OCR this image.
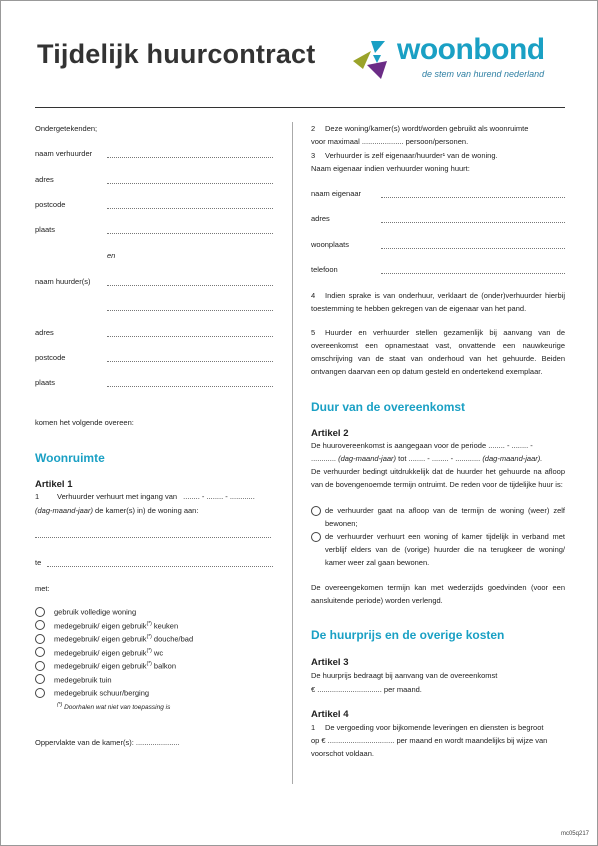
Tijdelijk huurcontract	woonbond
de stem van hurend nederland
Ondergetekenden;
naam verhuurder
adres
postcode
plaats
en
naam huurder(s)
adres
postcode
plaats
komen het volgende overeen:
Woonruimte
Artikel 1
1 Verhuurder verhuurt met ingang van ........ - ........ - ............
(dag-maand-jaar) de kamer(s) in) de woning aan:
te
met:
gebruik volledige woning
medegebruik/ eigen gebruik(*) keuken
medegebruik/ eigen gebruik(*) douche/bad
medegebruik/ eigen gebruik(*) wc
medegebruik/ eigen gebruik(*) balkon
medegebruik tuin
medegebruik schuur/berging
(*) Doorhalen wat niet van toepassing is
Oppervlakte van de kamer(s): .....................
2 Deze woning/kamer(s) wordt/worden gebruikt als woonruimte
voor maximaal .................... persoon/personen.
3 Verhuurder is zelf eigenaar/huurder¹ van de woning.
Naam eigenaar indien verhuurder woning huurt:
naam eigenaar
adres
woonplaats
telefoon
4 Indien sprake is van onderhuur, verklaart de (onder)verhuurder hierbij toestemming te hebben gekregen van de eigenaar van het pand.
5 Huurder en verhuurder stellen gezamenlijk bij aanvang van de overeenkomst een opnamestaat vast, onvattende een nauwkeurige omschrijving van de staat van onderhoud van het gehuurde. Beiden ontvangen daarvan een op datum gesteld en ondertekend exemplaar.
Duur van de overeenkomst
Artikel 2
De huurovereenkomst is aangegaan voor de periode ........ - ........ -
............ (dag-maand-jaar) tot ........ - ........ - ............ (dag-maand-jaar).
De verhuurder bedingt uitdrukkelijk dat de huurder het gehuurde na afloop van de bovengenoemde termijn ontruimt. De reden voor de tijdelijke huur is:
de verhuurder gaat na afloop van de termijn de woning (weer) zelf bewonen;
de verhuurder verhuurt een woning of kamer tijdelijk in verband met verblijf elders van de (vorige) huurder die na terugkeer de woning/ kamer weer zal gaan bewonen.
De overeengekomen termijn kan met wederzijds goedvinden (voor een aansluitende periode) worden verlengd.
De huurprijs en de overige kosten
Artikel 3
De huurprijs bedraagt bij aanvang van de overeenkomst
€ ............................... per maand.
Artikel 4
1 De vergoeding voor bijkomende leveringen en diensten is begroot
op € ................................ per maand en wordt maandelijks bij wijze van
voorschot voldaan.
mc05q217
